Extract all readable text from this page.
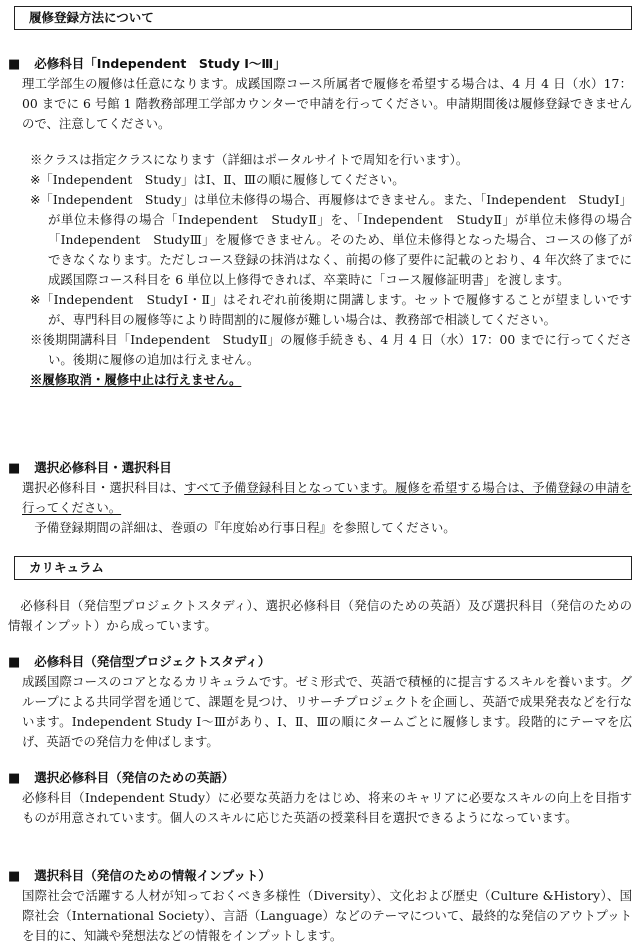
履修登録方法について
■ 必修科目「Independent　Study Ⅰ～Ⅲ」
理工学部生の履修は任意になります。成蹊国際コース所属者で履修を希望する場合は、4 月 4 日（水）17：00 までに 6 号館 1 階教務部理工学部カウンターで申請を行ってください。申請期間後は履修登録できませんので、注意してください。
※クラスは指定クラスになります（詳細はポータルサイトで周知を行います）。
※「Independent　Study」はⅠ、Ⅱ、Ⅲの順に履修してください。
※「Independent　Study」は単位未修得の場合、再履修はできません。また、「Independent　StudyⅠ」が単位未修得の場合「Independent　StudyⅡ」を、「Independent　StudyⅡ」が単位未修得の場合「Independent　StudyⅢ」を履修できません。そのため、単位未修得となった場合、コースの修了ができなくなります。ただしコース登録の抹消はなく、前掲の修了要件に記載のとおり、4 年次終了までに成蹊国際コース科目を 6 単位以上修得できれば、卒業時に「コース履修証明書」を渡します。
※「Independent　StudyⅠ・Ⅱ」はそれぞれ前後期に開講します。セットで履修することが望ましいですが、専門科目の履修等により時間割的に履修が難しい場合は、教務部で相談してください。
※後期開講科目「Independent　StudyⅡ」の履修手続きも、4 月 4 日（水）17：00 までに行ってください。後期に履修の追加は行えません。
※履修取消・履修中止は行えません。
■ 選択必修科目・選択科目
選択必修科目・選択科目は、すべて予備登録科目となっています。履修を希望する場合は、予備登録の申請を行ってください。
予備登録期間の詳細は、巻頭の『年度始め行事日程』を参照してください。
カリキュラム
必修科目（発信型プロジェクトスタディ）、選択必修科目（発信のための英語）及び選択科目（発信のための情報インプット）から成っています。
■ 必修科目（発信型プロジェクトスタディ）
成蹊国際コースのコアとなるカリキュラムです。ゼミ形式で、英語で積極的に提言するスキルを養います。グループによる共同学習を通じて、課題を見つけ、リサーチプロジェクトを企画し、英語で成果発表などを行ないます。Independent Study Ⅰ～Ⅲがあり、Ⅰ、Ⅱ、Ⅲの順にタームごとに履修します。段階的にテーマを広げ、英語での発信力を伸ばします。
■ 選択必修科目（発信のための英語）
必修科目（Independent Study）に必要な英語力をはじめ、将来のキャリアに必要なスキルの向上を目指すものが用意されています。個人のスキルに応じた英語の授業科目を選択できるようになっています。
■ 選択科目（発信のための情報インプット）
国際社会で活躍する人材が知っておくべき多様性（Diversity）、文化および歴史（Culture &History）、国際社会（International Society）、言語（Language）などのテーマについて、最終的な発信のアウトプットを目的に、知識や発想法などの情報をインプットします。
